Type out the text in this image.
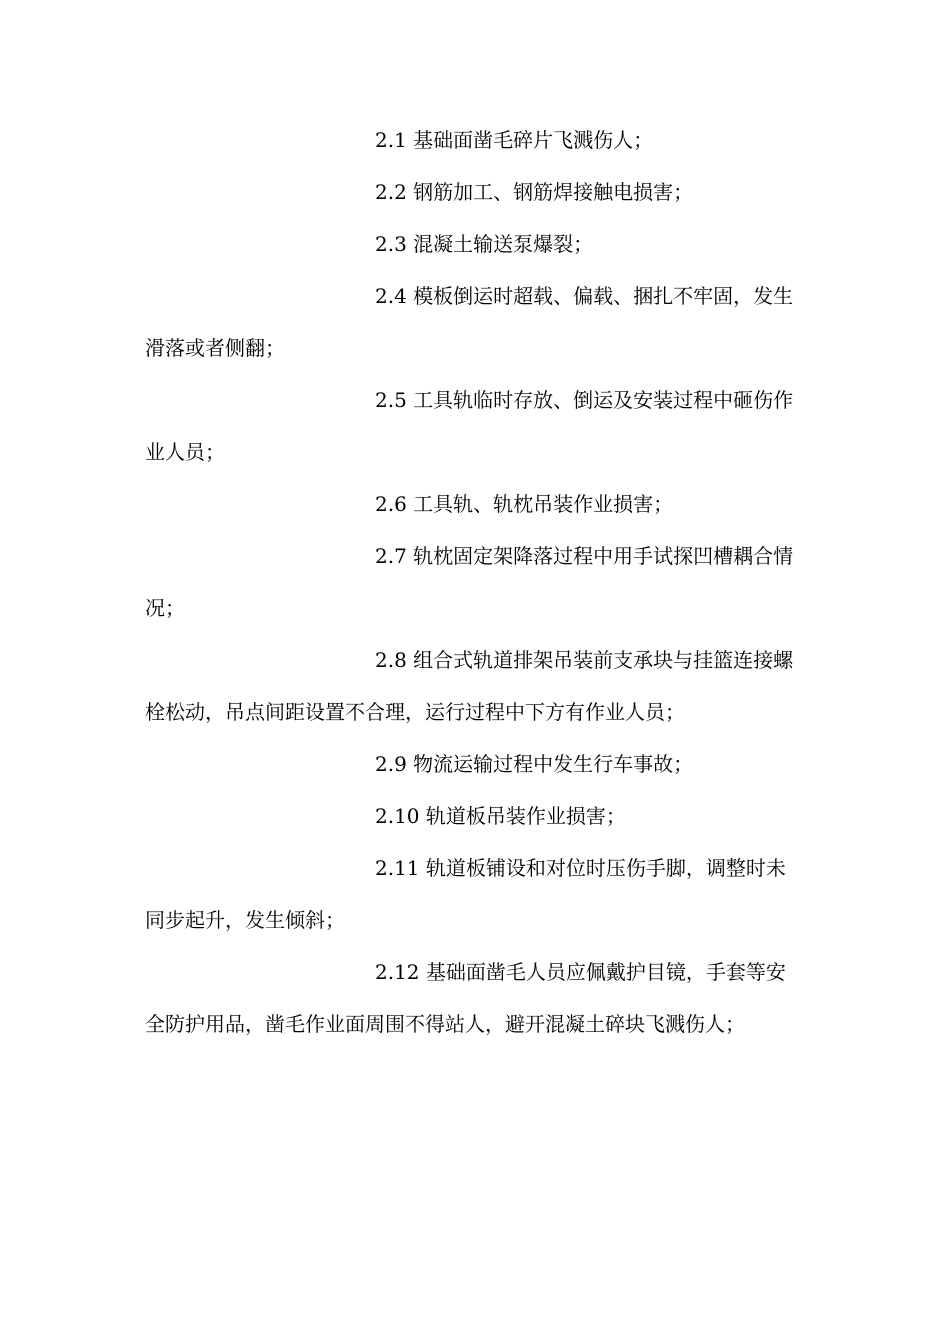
2.1 基础面凿毛碎片飞溅伤人；

2.2 钢筋加工、钢筋焊接触电损害；

2.3 混凝土输送泵爆裂；

2.4 模板倒运时超载、偏载、捆扎不牢固，发生滑落或者侧翻；

2.5 工具轨临时存放、倒运及安装过程中砸伤作业人员；

2.6 工具轨、轨枕吊装作业损害；

2.7 轨枕固定架降落过程中用手试探凹槽耦合情况；

2.8 组合式轨道排架吊装前支承块与挂篮连接螺栓松动，吊点间距设置不合理，运行过程中下方有作业人员；

2.9 物流运输过程中发生行车事故；

2.10 轨道板吊装作业损害；

2.11 轨道板铺设和对位时压伤手脚，调整时未同步起升，发生倾斜；

2.12 基础面凿毛人员应佩戴护目镜，手套等安全防护用品，凿毛作业面周围不得站人，避开混凝土碎块飞溅伤人；
